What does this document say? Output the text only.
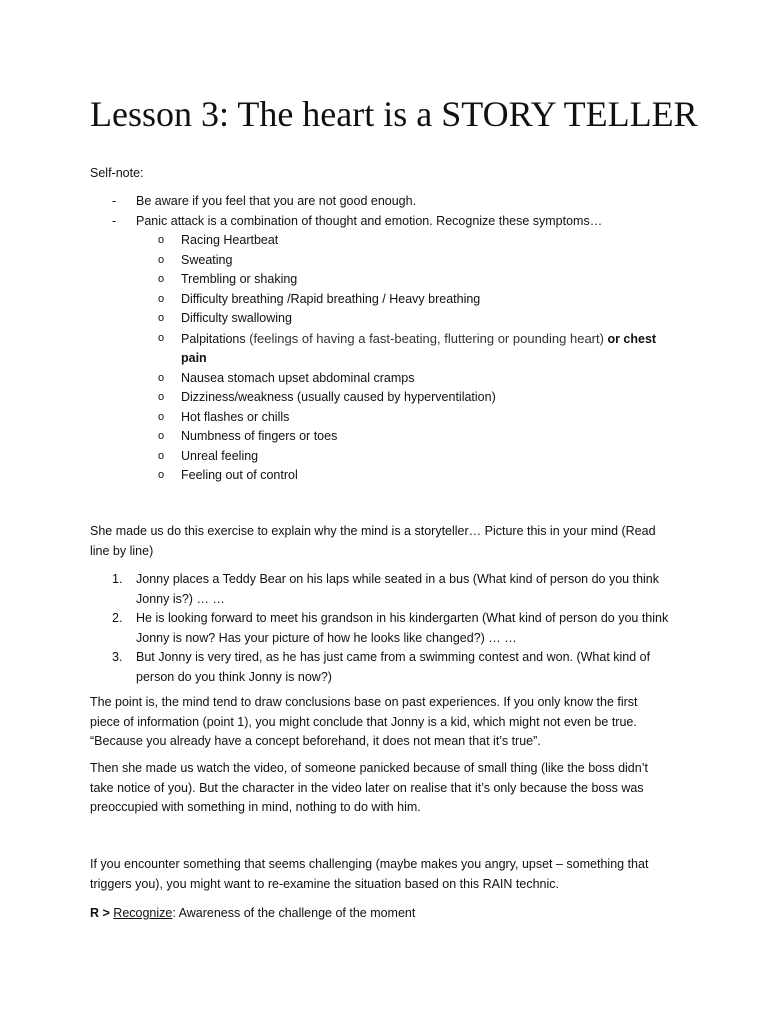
Lesson 3: The heart is a STORY TELLER
Self-note:
- Be aware if you feel that you are not good enough.
- Panic attack is a combination of thought and emotion. Recognize these symptoms…
o Racing Heartbeat
o Sweating
o Trembling or shaking
o Difficulty breathing /Rapid breathing / Heavy breathing
o Difficulty swallowing
o Palpitations (feelings of having a fast-beating, fluttering or pounding heart) or chest pain
o Nausea stomach upset abdominal cramps
o Dizziness/weakness (usually caused by hyperventilation)
o Hot flashes or chills
o Numbness of fingers or toes
o Unreal feeling
o Feeling out of control

She made us do this exercise to explain why the mind is a storyteller… Picture this in your mind (Read line by line)

1. Jonny places a Teddy Bear on his laps while seated in a bus (What kind of person do you think Jonny is?) … …
2. He is looking forward to meet his grandson in his kindergarten (What kind of person do you think Jonny is now? Has your picture of how he looks like changed?) … …
3. But Jonny is very tired, as he has just came from a swimming contest and won. (What kind of person do you think Jonny is now?)

The point is, the mind tend to draw conclusions base on past experiences. If you only know the first piece of information (point 1), you might conclude that Jonny is a kid, which might not even be true. “Because you already have a concept beforehand, it does not mean that it’s true”.

Then she made us watch the video, of someone panicked because of small thing (like the boss didn’t take notice of you). But the character in the video later on realise that it’s only because the boss was preoccupied with something in mind, nothing to do with him.

If you encounter something that seems challenging (maybe makes you angry, upset – something that triggers you), you might want to re-examine the situation based on this RAIN technic.

R > Recognize: Awareness of the challenge of the moment
